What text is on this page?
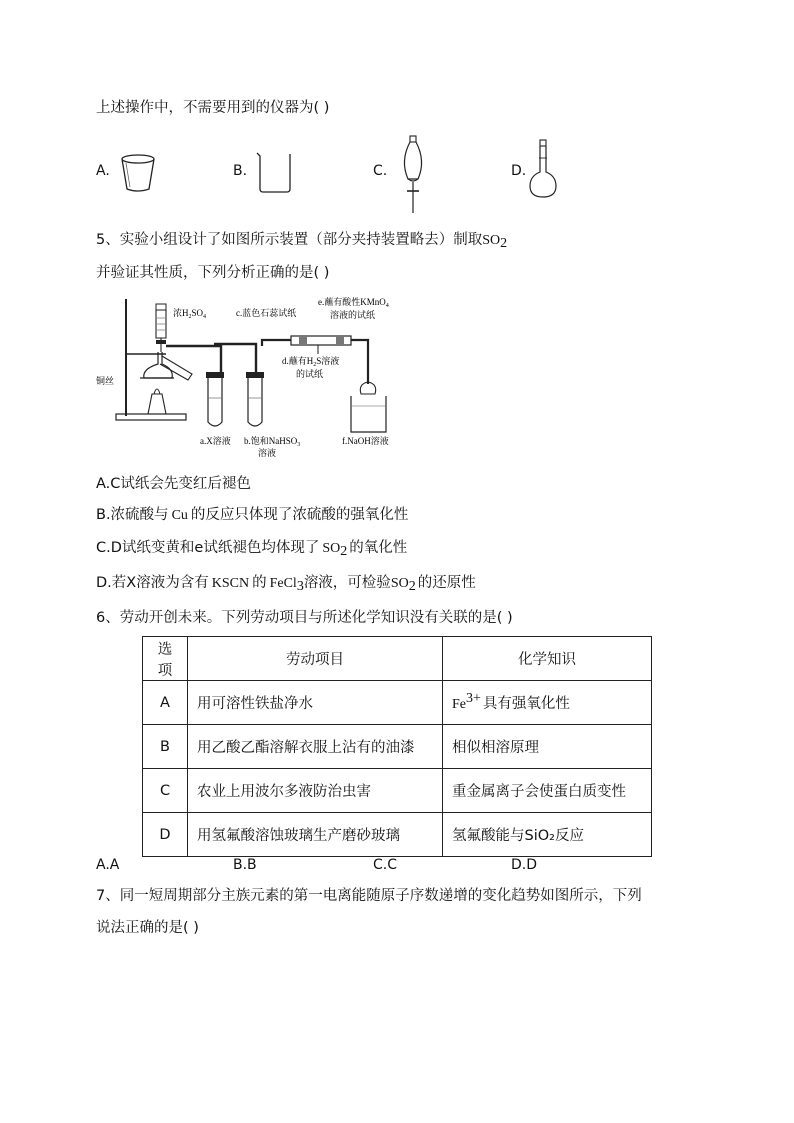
上述操作中，不需要用到的仪器为( )
A.	B.	C.	D.
5、实验小组设计了如图所示装置（部分夹持装置略去）制取$SO_2$
并验证其性质，下列分析正确的是( )
浓$H_2SO_4$
铜丝
c.蓝色石蕊试纸
e.蘸有酸性KMnO$_4$
溶液的试纸
d.蘸有$H_2S$溶液
的试纸
a.X溶液 b.饱和NaHSO$_3$
溶液
f.NaOH溶液
A.C试纸会先变红后褪色
B.浓硫酸与 Cu 的反应只体现了浓硫酸的强氧化性
C.D试纸变黄和e试纸褪色均体现了 $SO_2$ 的氧化性
D.若X溶液为含有 KSCN 的 FeCl$_3$溶液，可检验$SO_2$ 的还原性
6、劳动开创未来。下列劳动项目与所述化学知识没有关联的是( )
选项	劳动项目	化学知识
A	用可溶性铁盐净水	$Fe^{3+}$ 具有强氧化性
B	用乙酸乙酯溶解衣服上沾有的油漆	相似相溶原理
C	农业上用波尔多液防治虫害	重金属离子会使蛋白质变性
D	用氢氟酸溶蚀玻璃生产磨砂玻璃	氢氟酸能与SiO₂反应
A.A	B.B	C.C	D.D
7、同一短周期部分主族元素的第一电离能随原子序数递增的变化趋势如图所示，下列
说法正确的是( )
